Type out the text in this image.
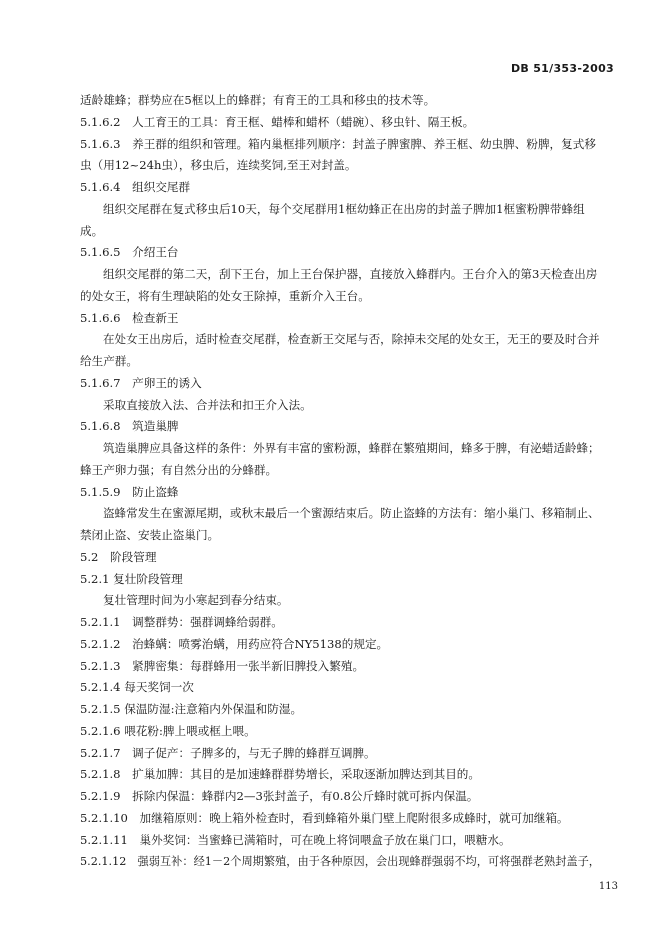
DB 51/353-2003
适龄雄蜂；群势应在5框以上的蜂群；有育王的工具和移虫的技术等。
5.1.6.2　人工育王的工具：育王框、蜡棒和蜡杯（蜡碗）、移虫针、隔王板。
5.1.6.3　养王群的组织和管理。箱内巢框排列顺序：封盖子脾蜜脾、养王框、幼虫脾、粉脾，复式移
虫（用12~24h虫），移虫后，连续奖饲,至王对封盖。
5.1.6.4　组织交尾群
组织交尾群在复式移虫后10天，每个交尾群用1框幼蜂正在出房的封盖子脾加1框蜜粉脾带蜂组
成。
5.1.6.5　介绍王台
组织交尾群的第二天，刮下王台，加上王台保护器，直接放入蜂群内。王台介入的第3天检查出房
的处女王，将有生理缺陷的处女王除掉，重新介入王台。
5.1.6.6　检查新王
在处女王出房后，适时检查交尾群，检查新王交尾与否，除掉未交尾的处女王，无王的要及时合并
给生产群。
5.1.6.7　产卵王的诱入
采取直接放入法、合并法和扣王介入法。
5.1.6.8　筑造巢脾
筑造巢脾应具备这样的条件：外界有丰富的蜜粉源，蜂群在繁殖期间，蜂多于脾，有泌蜡适龄蜂；
蜂王产卵力强；有自然分出的分蜂群。
5.1.5.9　防止盗蜂
盗蜂常发生在蜜源尾期，或秋末最后一个蜜源结束后。防止盗蜂的方法有：缩小巢门、移箱制止、
禁闭止盗、安装止盗巢门。
5.2　阶段管理
5.2.1 复壮阶段管理
复壮管理时间为小寒起到春分结束。
5.2.1.1　调整群势：强群调蜂给弱群。
5.2.1.2　治蜂螨：喷雾治螨，用药应符合NY5138的规定。
5.2.1.3　紧脾密集：每群蜂用一张半新旧脾投入繁殖。
5.2.1.4 每天奖饲一次
5.2.1.5 保温防湿:注意箱内外保温和防湿。
5.2.1.6 喂花粉:脾上喂或框上喂。
5.2.1.7　调子促产：子脾多的，与无子脾的蜂群互调脾。
5.2.1.8　扩巢加脾：其目的是加速蜂群群势增长，采取逐渐加脾达到其目的。
5.2.1.9　拆除内保温：蜂群内2—3张封盖子，有0.8公斤蜂时就可拆内保温。
5.2.1.10　加继箱原则：晚上箱外检查时，看到蜂箱外巢门壁上爬附很多成蜂时，就可加继箱。
5.2.1.11　巢外奖饲：当蜜蜂已满箱时，可在晚上将饲喂盒子放在巢门口，喂糖水。
5.2.1.12　强弱互补：经1－2个周期繁殖，由于各种原因，会出现蜂群强弱不均，可将强群老熟封盖子，
113
